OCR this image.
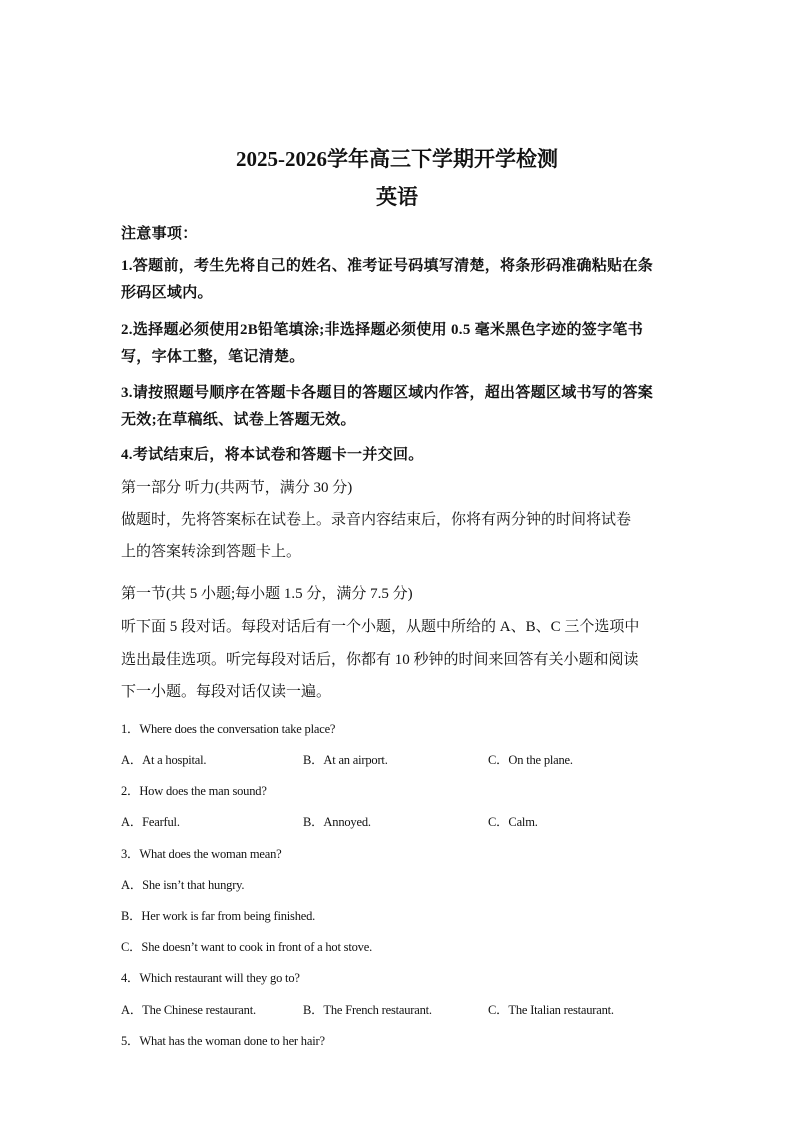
2025-2026学年高三下学期开学检测
英语
注意事项：
1.答题前，考生先将自己的姓名、准考证号码填写清楚，将条形码准确粘贴在条
形码区域内。
2.选择题必须使用2B铅笔填涂;非选择题必须使用 0.5 毫米黑色字迹的签字笔书
写，字体工整，笔记清楚。
3.请按照题号顺序在答题卡各题目的答题区域内作答，超出答题区域书写的答案
无效;在草稿纸、试卷上答题无效。
4.考试结束后，将本试卷和答题卡一并交回。
第一部分 听力(共两节，满分 30 分)
做题时，先将答案标在试卷上。录音内容结束后，你将有两分钟的时间将试卷
上的答案转涂到答题卡上。
第一节(共 5 小题;每小题 1.5 分，满分 7.5 分)
听下面 5 段对话。每段对话后有一个小题，从题中所给的 A、B、C 三个选项中
选出最佳选项。听完每段对话后，你都有 10 秒钟的时间来回答有关小题和阅读
下一小题。每段对话仅读一遍。
1．Where does the conversation take place?
A．At a hospital.	B．At an airport.	C．On the plane.
2．How does the man sound?
A．Fearful.	B．Annoyed.	C．Calm.
3．What does the woman mean?
A．She isn’t that hungry.
B．Her work is far from being finished.
C．She doesn’t want to cook in front of a hot stove.
4．Which restaurant will they go to?
A．The Chinese restaurant.	B．The French restaurant.	C．The Italian restaurant.
5．What has the woman done to her hair?
